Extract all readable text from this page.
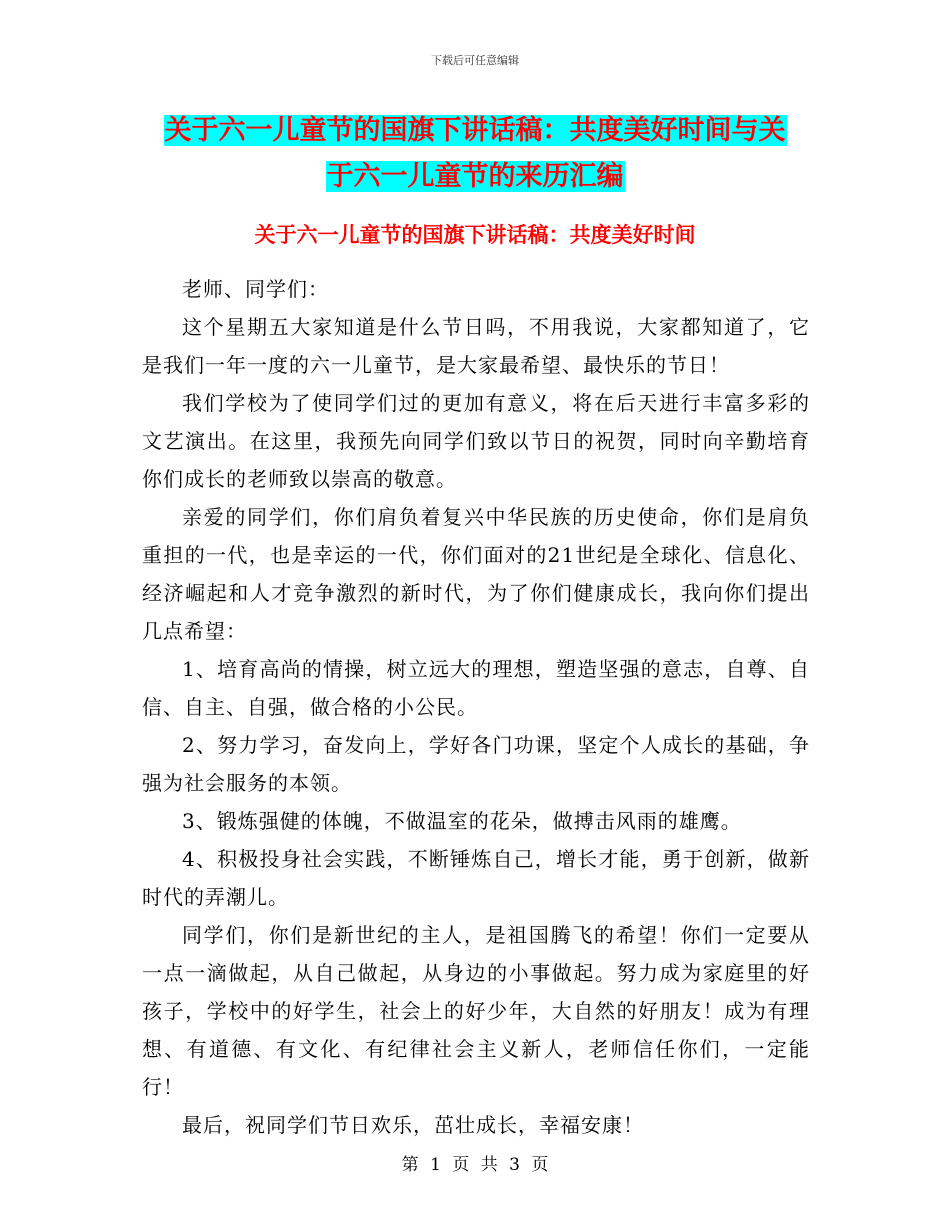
下载后可任意编辑
关于六一儿童节的国旗下讲话稿：共度美好时间与关
于六一儿童节的来历汇编
关于六一儿童节的国旗下讲话稿：共度美好时间

老师、同学们：

这个星期五大家知道是什么节日吗，不用我说，大家都知道了，它是我们一年一度的六一儿童节，是大家最希望、最快乐的节日！

我们学校为了使同学们过的更加有意义，将在后天进行丰富多彩的文艺演出。在这里，我预先向同学们致以节日的祝贺，同时向辛勤培育你们成长的老师致以崇高的敬意。

亲爱的同学们，你们肩负着复兴中华民族的历史使命，你们是肩负重担的一代，也是幸运的一代，你们面对的21世纪是全球化、信息化、经济崛起和人才竞争激烈的新时代，为了你们健康成长，我向你们提出几点希望：

1、培育高尚的情操，树立远大的理想，塑造坚强的意志，自尊、自信、自主、自强，做合格的小公民。

2、努力学习，奋发向上，学好各门功课，坚定个人成长的基础，争强为社会服务的本领。

3、锻炼强健的体魄，不做温室的花朵，做搏击风雨的雄鹰。

4、积极投身社会实践，不断锤炼自己，增长才能，勇于创新，做新时代的弄潮儿。

同学们，你们是新世纪的主人，是祖国腾飞的希望！你们一定要从一点一滴做起，从自己做起，从身边的小事做起。努力成为家庭里的好孩子，学校中的好学生，社会上的好少年，大自然的好朋友！成为有理想、有道德、有文化、有纪律社会主义新人，老师信任你们，一定能行！

最后，祝同学们节日欢乐，茁壮成长，幸福安康！

第 1 页 共 3 页
